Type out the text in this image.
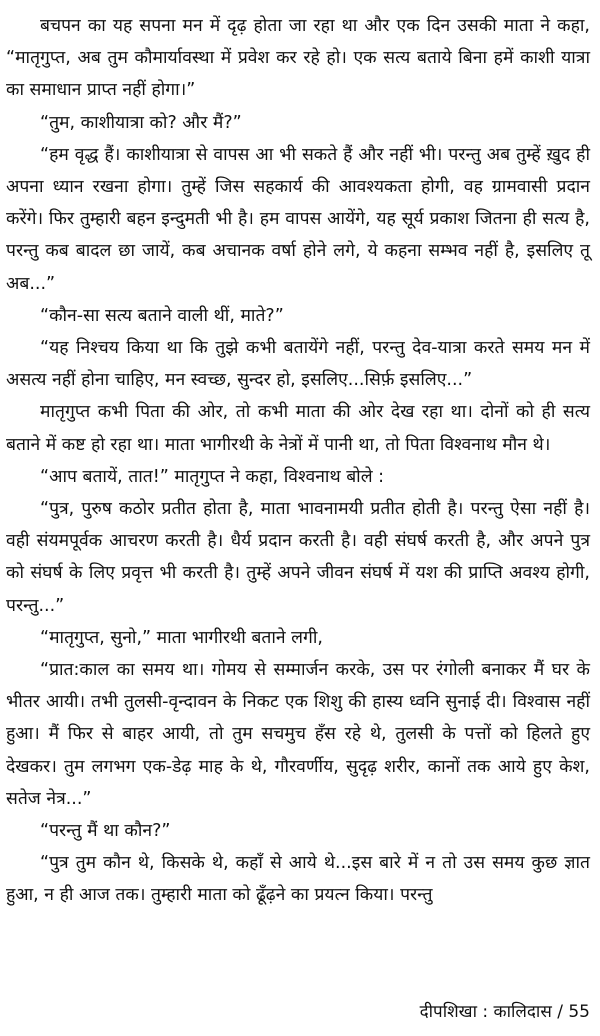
बचपन का यह सपना मन में दृढ़ होता जा रहा था और एक दिन उसकी माता ने कहा, “मातृगुप्त, अब तुम कौमार्यावस्था में प्रवेश कर रहे हो। एक सत्य बताये बिना हमें काशी यात्रा का समाधान प्राप्त नहीं होगा।”

“तुम, काशीयात्रा को? और मैं?”

“हम वृद्ध हैं। काशीयात्रा से वापस आ भी सकते हैं और नहीं भी। परन्तु अब तुम्हें ख़ुद ही अपना ध्यान रखना होगा। तुम्हें जिस सहकार्य की आवश्यकता होगी, वह ग्रामवासी प्रदान करेंगे। फिर तुम्हारी बहन इन्दुमती भी है। हम वापस आयेंगे, यह सूर्य प्रकाश जितना ही सत्य है, परन्तु कब बादल छा जायें, कब अचानक वर्षा होने लगे, ये कहना सम्भव नहीं है, इसलिए तू अब...”

“कौन-सा सत्य बताने वाली थीं, माते?”

“यह निश्चय किया था कि तुझे कभी बतायेंगे नहीं, परन्तु देव-यात्रा करते समय मन में असत्य नहीं होना चाहिए, मन स्वच्छ, सुन्दर हो, इसलिए...सिर्फ़ इसलिए...”

मातृगुप्त कभी पिता की ओर, तो कभी माता की ओर देख रहा था। दोनों को ही सत्य बताने में कष्ट हो रहा था। माता भागीरथी के नेत्रों में पानी था, तो पिता विश्वनाथ मौन थे।

“आप बतायें, तात!” मातृगुप्त ने कहा, विश्वनाथ बोले :

“पुत्र, पुरुष कठोर प्रतीत होता है, माता भावनामयी प्रतीत होती है। परन्तु ऐसा नहीं है। वही संयमपूर्वक आचरण करती है। धैर्य प्रदान करती है। वही संघर्ष करती है, और अपने पुत्र को संघर्ष के लिए प्रवृत्त भी करती है। तुम्हें अपने जीवन संघर्ष में यश की प्राप्ति अवश्य होगी, परन्तु...”

“मातृगुप्त, सुनो,” माता भागीरथी बताने लगी,

“प्रात:काल का समय था। गोमय से सम्मार्जन करके, उस पर रंगोली बनाकर मैं घर के भीतर आयी। तभी तुलसी-वृन्दावन के निकट एक शिशु की हास्य ध्वनि सुनाई दी। विश्वास नहीं हुआ। मैं फिर से बाहर आयी, तो तुम सचमुच हँस रहे थे, तुलसी के पत्तों को हिलते हुए देखकर। तुम लगभग एक-डेढ़ माह के थे, गौरवर्णीय, सुदृढ़ शरीर, कानों तक आये हुए केश, सतेज नेत्र...”

“परन्तु मैं था कौन?”

“पुत्र तुम कौन थे, किसके थे, कहाँ से आये थे...इस बारे में न तो उस समय कुछ ज्ञात हुआ, न ही आज तक। तुम्हारी माता को ढूँढ़ने का प्रयत्न किया। परन्तु

दीपशिखा : कालिदास / 55
